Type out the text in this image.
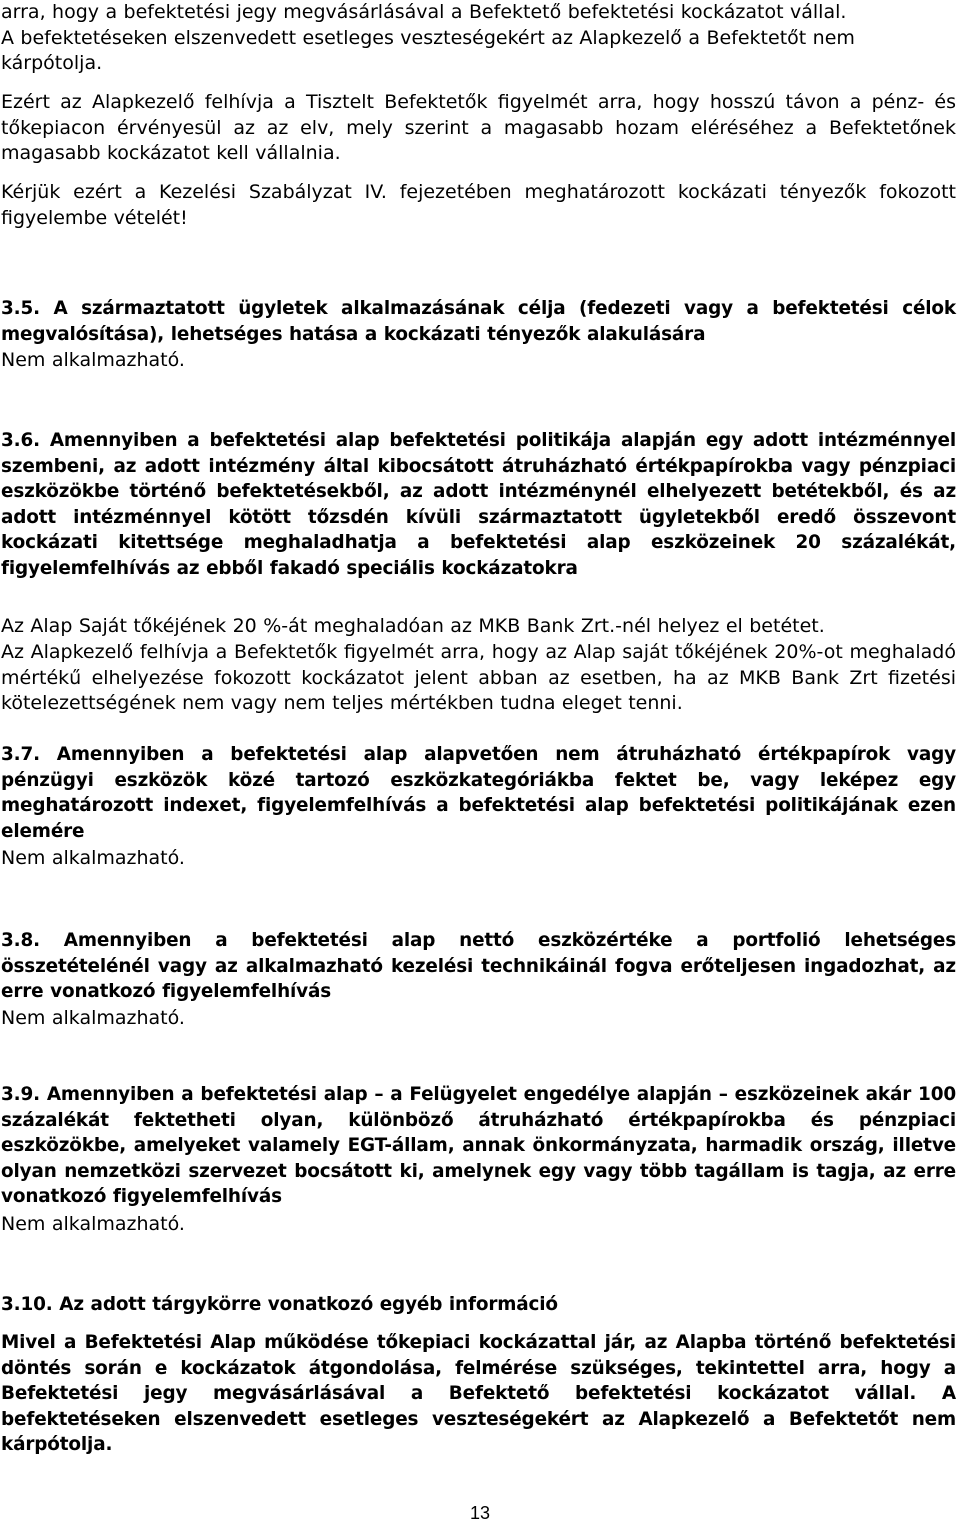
arra, hogy a befektetési jegy megvásárlásával a Befektető befektetési kockázatot vállal.
A befektetéseken elszenvedett esetleges veszteségekért az Alapkezelő a Befektetőt nem
kárpótolja.

Ezért az Alapkezelő felhívja a Tisztelt Befektetők figyelmét arra, hogy hosszú távon a pénz- és tőkepiacon érvényesül az az elv, mely szerint a magasabb hozam eléréséhez a Befektetőnek magasabb kockázatot kell vállalnia.

Kérjük ezért a Kezelési Szabályzat IV. fejezetében meghatározott kockázati tényezők fokozott figyelembe vételét!

3.5. A származtatott ügyletek alkalmazásának célja (fedezeti vagy a befektetési célok megvalósítása), lehetséges hatása a kockázati tényezők alakulására

Nem alkalmazható.

3.6. Amennyiben a befektetési alap befektetési politikája alapján egy adott intézménnyel szembeni, az adott intézmény által kibocsátott átruházható értékpapírokba vagy pénzpiaci eszközökbe történő befektetésekből, az adott intézménynél elhelyezett betétekből, és az adott intézménnyel kötött tőzsdén kívüli származtatott ügyletekből eredő összevont kockázati kitettsége meghaladhatja a befektetési alap eszközeinek 20 százalékát, figyelemfelhívás az ebből fakadó speciális kockázatokra

Az Alap Saját tőkéjének 20 %-át meghaladóan az MKB Bank Zrt.-nél helyez el betétet.

Az Alapkezelő felhívja a Befektetők figyelmét arra, hogy az Alap saját tőkéjének 20%-ot meghaladó mértékű elhelyezése fokozott kockázatot jelent abban az esetben, ha az MKB Bank Zrt fizetési kötelezettségének nem vagy nem teljes mértékben tudna eleget tenni.

3.7. Amennyiben a befektetési alap alapvetően nem átruházható értékpapírok vagy pénzügyi eszközök közé tartozó eszközkategóriákba fektet be, vagy leképez egy meghatározott indexet, figyelemfelhívás a befektetési alap befektetési politikájának ezen elemére

Nem alkalmazható.

3.8. Amennyiben a befektetési alap nettó eszközértéke a portfolió lehetséges összetételénél vagy az alkalmazható kezelési technikáinál fogva erőteljesen ingadozhat, az erre vonatkozó figyelemfelhívás

Nem alkalmazható.

3.9. Amennyiben a befektetési alap – a Felügyelet engedélye alapján – eszközeinek akár 100 százalékát fektetheti olyan, különböző átruházható értékpapírokba és pénzpiaci eszközökbe, amelyeket valamely EGT-állam, annak önkormányzata, harmadik ország, illetve olyan nemzetközi szervezet bocsátott ki, amelynek egy vagy több tagállam is tagja, az erre vonatkozó figyelemfelhívás

Nem alkalmazható.

3.10. Az adott tárgykörre vonatkozó egyéb információ

Mivel a Befektetési Alap működése tőkepiaci kockázattal jár, az Alapba történő befektetési döntés során e kockázatok átgondolása, felmérése szükséges, tekintettel arra, hogy a Befektetési jegy megvásárlásával a Befektető befektetési kockázatot vállal. A befektetéseken elszenvedett esetleges veszteségekért az Alapkezelő a Befektetőt nem kárpótolja.

13
